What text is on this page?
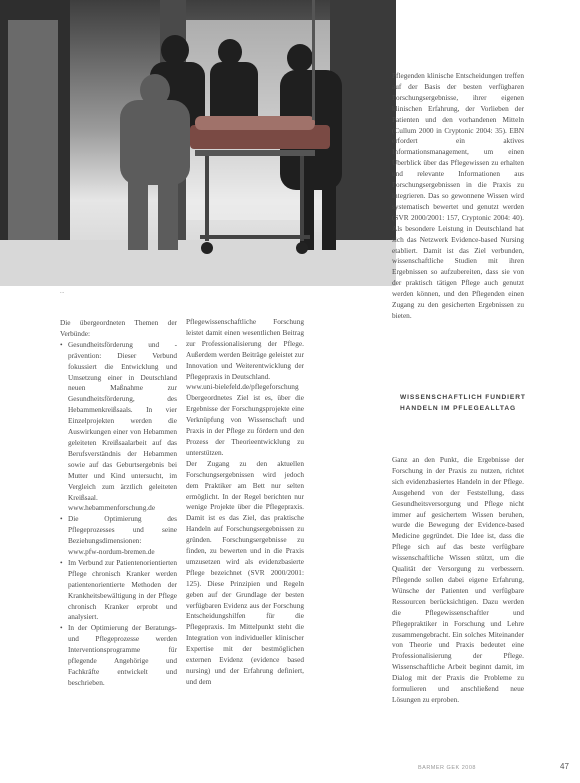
...

Die übergeordneten Themen der Verbünde:

• Gesundheitsförderung und -prävention: Dieser Verbund fokussiert die Entwicklung und Umsetzung einer in Deutschland neuen Maßnahme zur Gesundheitsförderung, des Hebammenkreißsaals. In vier Einzelprojekten werden die Auswirkungen einer von Hebammen geleiteten Kreißsaalarbeit auf das Berufsverständnis der Hebammen sowie auf das Geburtsergebnis bei Mutter und Kind untersucht, im Vergleich zum ärztlich geleiteten Kreißsaal.
www.hebammenforschung.de
• Die Optimierung des Pflegeprozesses und seine Beziehungsdimensionen:
www.pfw-nordum-bremen.de
• Im Verbund zur Patientenorientierten Pflege chronisch Kranker werden patientenorientierte Methoden der Krankheitsbewältigung in der Pflege chronisch Kranker erprobt und analysiert.
• In der Optimierung der Beratungs- und Pflegeprozesse werden Interventionsprogramme für pflegende Angehörige und Fachkräfte entwickelt und beschrieben.

Pflegewissenschaftliche Forschung leistet damit einen wesentlichen Beitrag zur Professionalisierung der Pflege. Außerdem werden Beiträge geleistet zur Innovation und Weiterentwicklung der Pflegepraxis in Deutschland.

www.uni-bielefeld.de/pflegeforschung

Übergeordnetes Ziel ist es, über die Ergebnisse der Forschungsprojekte eine Verknüpfung von Wissenschaft und Praxis in der Pflege zu fördern und den Prozess der Theorieentwicklung zu unterstützen.

Der Zugang zu den aktuellen Forschungsergebnissen wird jedoch dem Praktiker am Bett nur selten ermöglicht. In der Regel berichten nur wenige Projekte über die Pflegepraxis. Damit ist es das Ziel, das praktische Handeln auf Forschungsergebnissen zu gründen. Forschungsergebnisse zu finden, zu bewerten und in die Praxis umzusetzen wird als evidenzbasierte Pflege bezeichnet (SVR 2000/2001: 125). Diese Prinzipien und Regeln geben auf der Grundlage der besten verfügbaren Evidenz aus der Forschung Entscheidungshilfen für die Pflegepraxis. Im Mittelpunkt steht die Integration von individueller klinischer Expertise mit der bestmöglichen externen Evidenz (evidence based nursing) und der Erfahrung definiert, und dem

Pflegenden klinische Entscheidungen treffen auf der Basis der besten verfügbaren Forschungsergebnisse, ihrer eigenen klinischen Erfahrung, der Vorlieben der Patienten und den vorhandenen Mitteln (Cullum 2000 in Cryptonic 2004: 35). EBN erfordert ein aktives Informationsmanagement, um einen Überblick über das Pflegewissen zu erhalten und relevante Informationen aus Forschungsergebnissen in die Praxis zu integrieren. Das so gewonnene Wissen wird systematisch bewertet und genutzt werden (SVR 2000/2001: 157, Cryptonic 2004: 40). Als besondere Leistung in Deutschland hat sich das Netzwerk Evidence-based Nursing etabliert. Damit ist das Ziel verbunden, wissenschaftliche Studien mit ihren Ergebnissen so aufzubereiten, dass sie von der praktisch tätigen Pflege auch genutzt werden können, und den Pflegenden einen Zugang zu den gesicherten Ergebnissen zu bieten.

WISSENSCHAFTLICH FUNDIERT HANDELN IM PFLEGEALLTAG

Ganz an den Punkt, die Ergebnisse der Forschung in der Praxis zu nutzen, richtet sich evidenzbasiertes Handeln in der Pflege. Ausgehend von der Feststellung, dass Gesundheitsversorgung und Pflege nicht immer auf gesichertem Wissen beruhen, wurde die Bewegung der Evidence-based Medicine gegründet. Die Idee ist, dass die Pflege sich auf das beste verfügbare wissenschaftliche Wissen stützt, um die Qualität der Versorgung zu verbessern. Pflegende sollen dabei eigene Erfahrung, Wünsche der Patienten und verfügbare Ressourcen berücksichtigen. Dazu werden die Pflegewissenschaftler und Pflegepraktiker in Forschung und Lehre zusammengebracht. Ein solches Miteinander von Theorie und Praxis bedeutet eine Professionalisierung der Pflege. Wissenschaftliche Arbeit beginnt damit, im Dialog mit der Praxis die Probleme zu formulieren und anschließend neue Lösungen zu erproben.

BARMER GEK 2008	47
